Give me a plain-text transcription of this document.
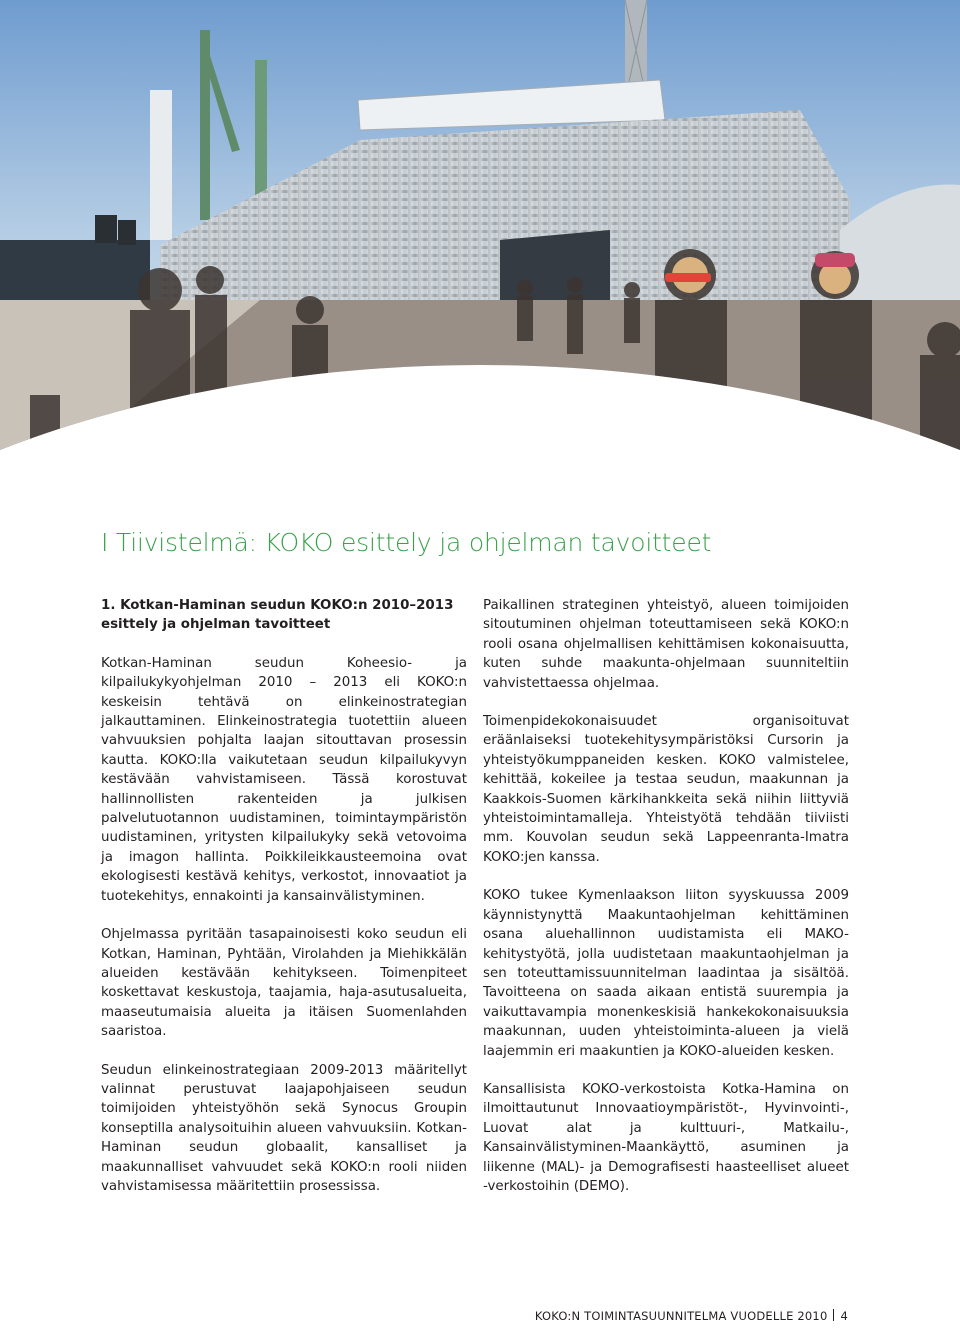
I Tiivistelmä: KOKO esittely ja ohjelman tavoitteet
1. Kotkan-Haminan seudun KOKO:n 2010–2013 esittely ja ohjelman tavoitteet

Kotkan-Haminan seudun Koheesio- ja kilpailukykyohjelman 2010 – 2013 eli KOKO:n keskeisin tehtävä on elinkeinostrategian jalkauttaminen. Elinkeinostrategia tuotettiin alueen vahvuuksien pohjalta laajan sitouttavan prosessin kautta. KOKO:lla vaikutetaan seudun kilpailukyvyn kestävään vahvistamiseen. Tässä korostuvat hallinnollisten rakenteiden ja julkisen palvelutuotannon uudistaminen, toimintaympäristön uudistaminen, yritysten kilpailukyky sekä vetovoima ja imagon hallinta. Poikkileikkausteemoina ovat ekologisesti kestävä kehitys, verkostot, innovaatiot ja tuotekehitys, ennakointi ja kansainvälistyminen.

Ohjelmassa pyritään tasapainoisesti koko seudun eli Kotkan, Haminan, Pyhtään, Virolahden ja Miehikkälän alueiden kestävään kehitykseen. Toimenpiteet koskettavat keskustoja, taajamia, haja-asutusalueita, maaseutumaisia alueita ja itäisen Suomenlahden saaristoa.

Seudun elinkeinostrategiaan 2009-2013 määritellyt valinnat perustuvat laajapohjaiseen seudun toimijoiden yhteistyöhön sekä Synocus Groupin konseptilla analysoituihin alueen vahvuuksiin. Kotkan-Haminan seudun globaalit, kansalliset ja maakunnalliset vahvuudet sekä KOKO:n rooli niiden vahvistamisessa määritettiin prosessissa.

Paikallinen strateginen yhteistyö, alueen toimijoiden sitoutuminen ohjelman toteuttamiseen sekä KOKO:n rooli osana ohjelmallisen kehittämisen kokonaisuutta, kuten suhde maakunta-ohjelmaan suunniteltiin vahvistettaessa ohjelmaa.

Toimenpidekokonaisuudet organisoituvat eräänlaiseksi tuotekehitysympäristöksi Cursorin ja yhteistyökumppaneiden kesken. KOKO valmistelee, kehittää, kokeilee ja testaa seudun, maakunnan ja Kaakkois-Suomen kärkihankkeita sekä niihin liittyviä yhteistoimintamalleja. Yhteistyötä tehdään tiiviisti mm. Kouvolan seudun sekä Lappeenranta-Imatra KOKO:jen kanssa.

KOKO tukee Kymenlaakson liiton syyskuussa 2009 käynnistynyttä Maakuntaohjelman kehittäminen osana aluehallinnon uudistamista eli MAKO-kehitystyötä, jolla uudistetaan maakuntaohjelman ja sen toteuttamissuunnitelman laadintaa ja sisältöä. Tavoitteena on saada aikaan entistä suurempia ja vaikuttavampia monenkeskisiä hankekokonaisuuksia maakunnan, uuden yhteistoiminta-alueen ja vielä laajemmin eri maakuntien ja KOKO-alueiden kesken.

Kansallisista KOKO-verkostoista Kotka-Hamina on ilmoittautunut Innovaatioympäristöt-, Hyvinvointi-, Luovat alat ja kulttuuri-, Matkailu-, Kansainvälistyminen-Maankäyttö, asuminen ja liikenne (MAL)- ja Demografisesti haasteelliset alueet -verkostoihin (DEMO).

KOKO:N TOIMINTASUUNNITELMA VUODELLE 2010 4
